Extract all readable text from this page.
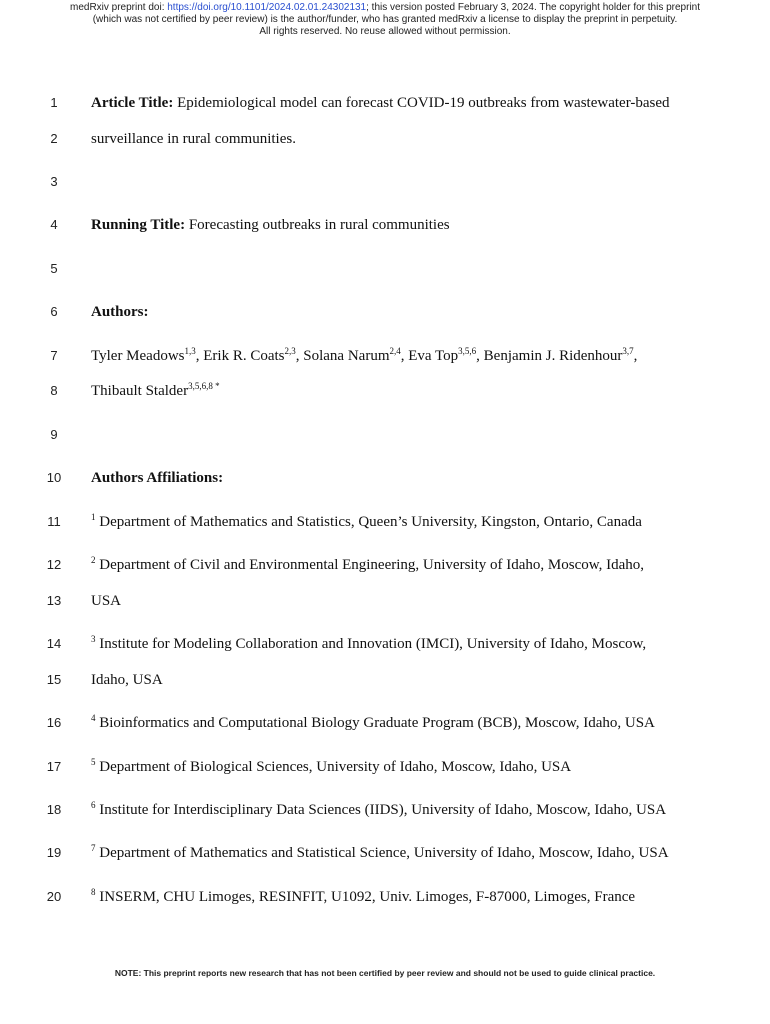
medRxiv preprint doi: https://doi.org/10.1101/2024.02.01.24302131; this version posted February 3, 2024. The copyright holder for this preprint
(which was not certified by peer review) is the author/funder, who has granted medRxiv a license to display the preprint in perpetuity.
All rights reserved. No reuse allowed without permission.
1	Article Title: Epidemiological model can forecast COVID-19 outbreaks from wastewater-based
2	surveillance in rural communities.
3
4	Running Title: Forecasting outbreaks in rural communities
5
6	Authors:
7	Tyler Meadows$^{1,3}$, Erik R. Coats$^{2,3}$, Solana Narum$^{2,4}$, Eva Top$^{3,5,6}$, Benjamin J. Ridenhour$^{3,7}$,
8	Thibault Stalder$^{3,5,6,8 *}$
9
10	Authors Affiliations:
11	$^1$ Department of Mathematics and Statistics, Queen’s University, Kingston, Ontario, Canada
12	$^2$ Department of Civil and Environmental Engineering, University of Idaho, Moscow, Idaho,
13	USA
14	$^3$ Institute for Modeling Collaboration and Innovation (IMCI), University of Idaho, Moscow,
15	Idaho, USA
16	$^4$ Bioinformatics and Computational Biology Graduate Program (BCB), Moscow, Idaho, USA
17	$^5$ Department of Biological Sciences, University of Idaho, Moscow, Idaho, USA
18	$^6$ Institute for Interdisciplinary Data Sciences (IIDS), University of Idaho, Moscow, Idaho, USA
19	$^7$ Department of Mathematics and Statistical Science, University of Idaho, Moscow, Idaho, USA
20	$^8$ INSERM, CHU Limoges, RESINFIT, U1092, Univ. Limoges, F-87000, Limoges, France
NOTE: This preprint reports new research that has not been certified by peer review and should not be used to guide clinical practice.
